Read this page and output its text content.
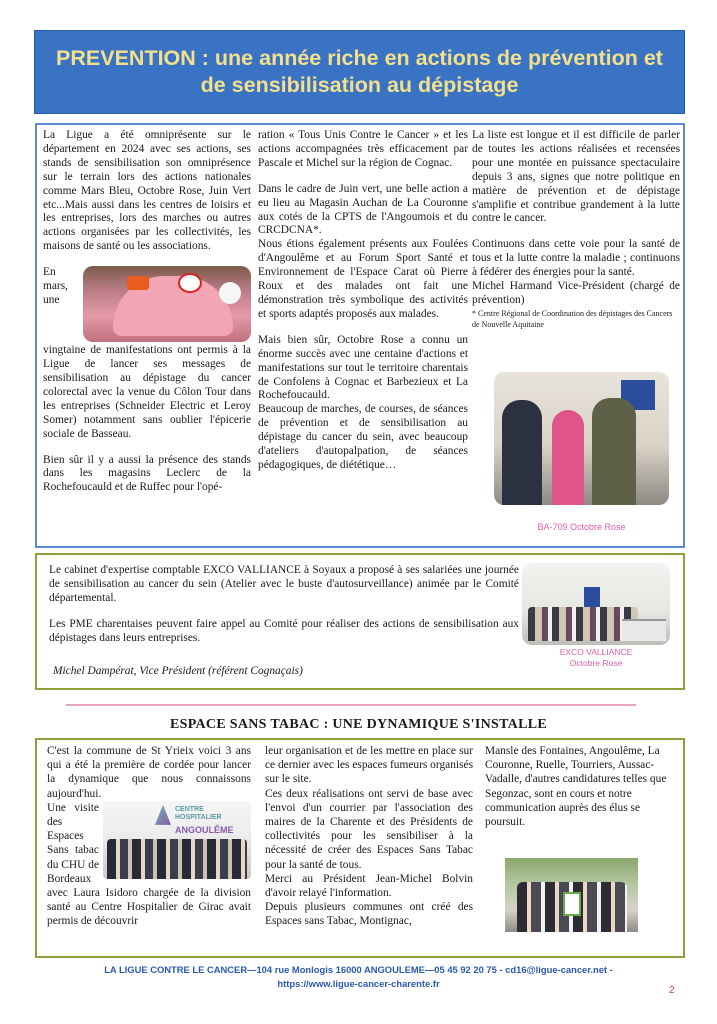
PREVENTION : une année riche en actions de prévention et de sensibilisation au dépistage

La Ligue a été omniprésente sur le département en 2024 avec ses actions, ses stands de sensibilisation son omniprésence sur le terrain lors des actions nationales comme Mars Bleu, Octobre Rose, Juin Vert etc...Mais aussi dans les centres de loisirs et les entreprises, lors des marches ou autres actions organisées par les collectivités, les maisons de santé ou les associations.

En mars, une vingtaine de manifestations ont permis à la Ligue de lancer ses messages de sensibilisation au dépistage du cancer colorectal avec la venue du Côlon Tour dans les entreprises (Schneider Electric et Leroy Somer) notamment sans oublier l'épicerie sociale de Basseau.

Bien sûr il y a aussi la présence des stands dans les magasins Leclerc de la Rochefoucauld et de Ruffec pour l'opé-

ration « Tous Unis Contre le Cancer » et les actions accompagnées très efficacement par Pascale et Michel sur la région de Cognac.

Dans le cadre de Juin vert, une belle action a eu lieu au Magasin Auchan de La Couronne aux cotés de la CPTS de l'Angoumois et du CRCDCNA*.

Nous étions également présents aux Foulées d'Angoulême et au Forum Sport Santé et Environnement de l'Espace Carat où Pierre Roux et des malades ont fait une démonstration très symbolique des activités et sports adaptés proposés aux malades.

Mais bien sûr, Octobre Rose a connu un énorme succès avec une centaine d'actions et manifestations sur tout le territoire charentais de Confolens à Cognac et Barbezieux et La Rochefoucauld.

Beaucoup de marches, de courses, de séances de prévention et de sensibilisation au dépistage du cancer du sein, avec beaucoup d'ateliers d'autopalpation, de séances pédagogiques, de diététique…

La liste est longue et il est difficile de parler de toutes les actions réalisées et recensées pour une montée en puissance spectaculaire depuis 3 ans, signes que notre politique en matière de prévention et de dépistage s'amplifie et contribue grandement à la lutte contre le cancer.

Continuons dans cette voie pour la santé de tous et la lutte contre la maladie ; continuons à fédérer des énergies pour la santé.

Michel Harmand Vice-Président (chargé de prévention)

* Centre Régional de Coordination des dépistages des Cancers de Nouvelle Aquitaine

BA-709 Octobre Rose

Le cabinet d'expertise comptable EXCO VALLIANCE à Soyaux a proposé à ses salariées une journée de sensibilisation au cancer du sein (Atelier avec le buste d'autosurveillance) animée par le Comité départemental.

Les PME charentaises peuvent faire appel au Comité pour réaliser des actions de sensibilisation aux dépistages dans leurs entreprises.

Michel Dampérat, Vice Président (référent Cognaçais)
EXCO VALLIANCE
Octobre Rose
ESPACE SANS TABAC : UNE DYNAMIQUE S'INSTALLE

C'est la commune de St Yrieix voici 3 ans qui a été la première de cordée pour lancer la dynamique que nous connaissons aujourd'hui.

CENTRE
HOSPITALIER
ANGOULÊME

Une visite des Espaces Sans tabac du CHU de Bordeaux avec Laura Isidoro chargée de la division santé au Centre Hospitalier de Girac avait permis de découvrir

leur organisation et de les mettre en place sur ce dernier avec les espaces fumeurs organisés sur le site.

Ces deux réalisations ont servi de base avec l'envoi d'un courrier par l'association des maires de la Charente et des Présidents de collectivités pour les sensibiliser à la nécessité de créer des Espaces Sans Tabac pour la santé de tous.

Merci au Président Jean-Michel Bolvin d'avoir relayé l'information.

Depuis plusieurs communes ont créé des Espaces sans Tabac, Montignac,

Mansle des Fontaines, Angoulême, La Couronne, Ruelle, Tourriers, Aussac-Vadalle, d'autres candidatures telles que Segonzac, sont en cours et notre communication auprès des élus se poursuit.

LA LIGUE CONTRE LE CANCER—104 rue Monlogis 16000 ANGOULEME—05 45 92 20 75 - cd16@ligue-cancer.net -
https://www.ligue-cancer-charente.fr
2
